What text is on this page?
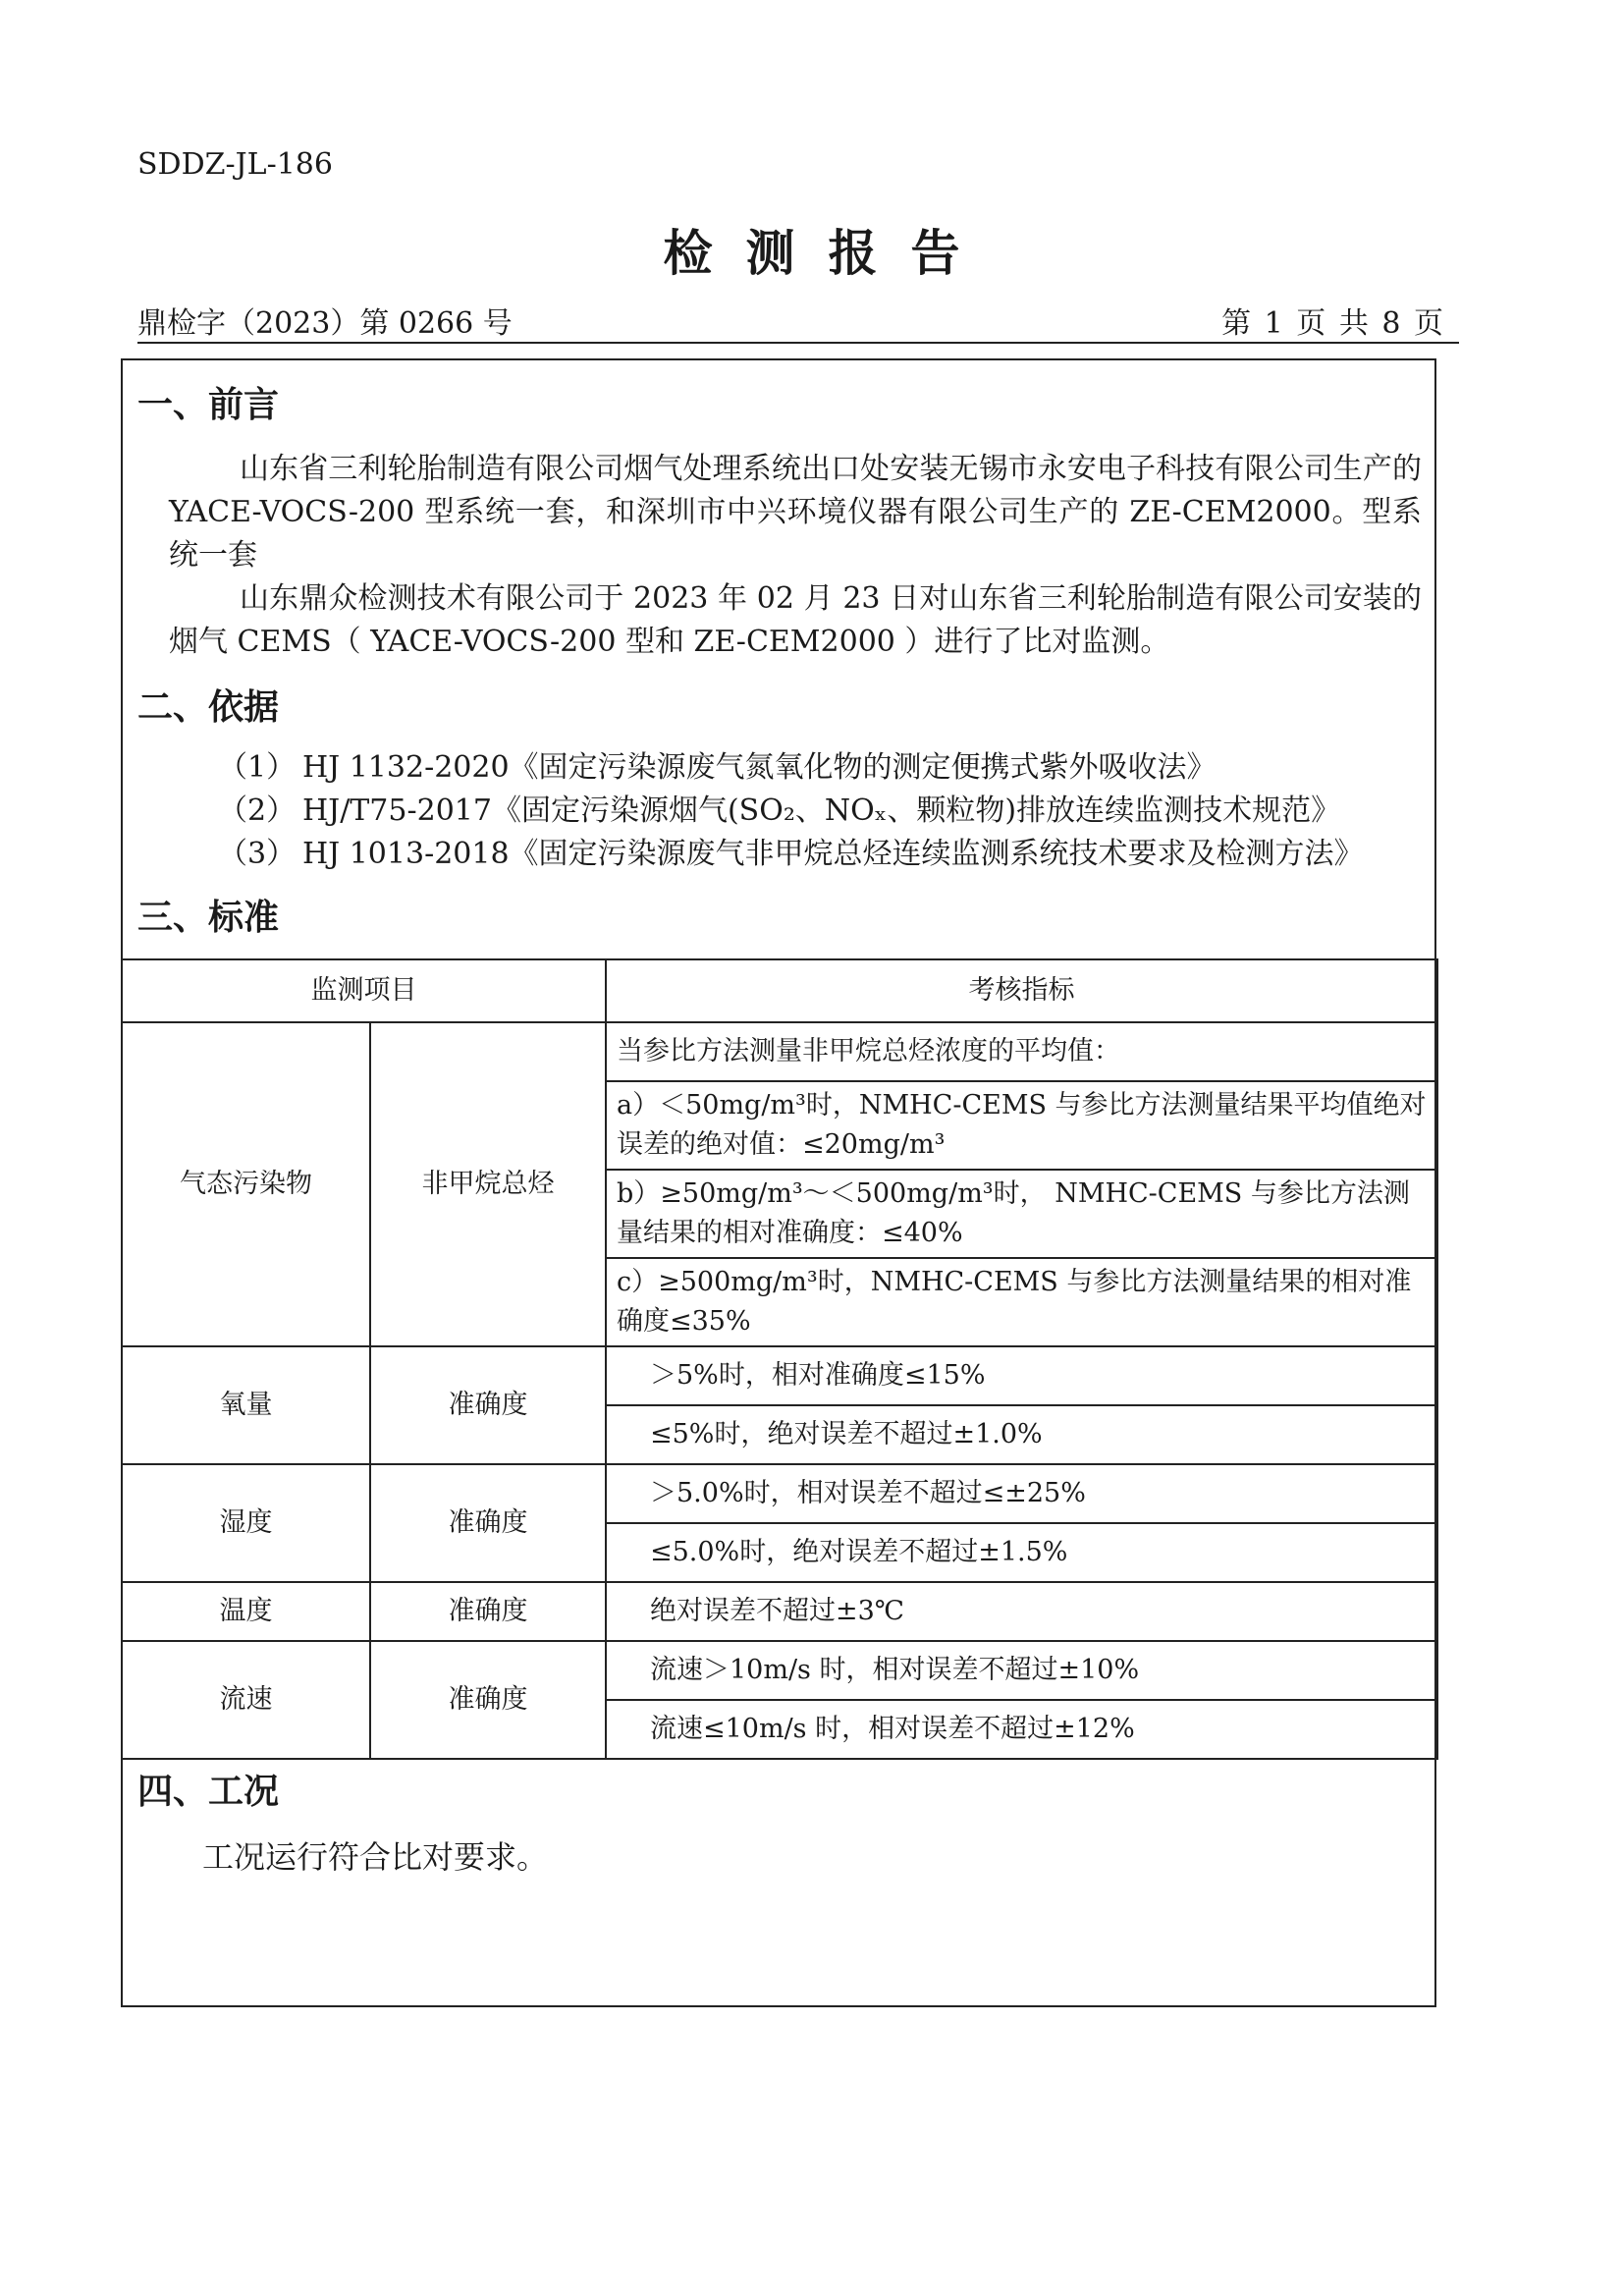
SDDZ-JL-186
检测报告
鼎检字（2023）第 0266 号	第 1 页 共 8 页
一、前言
山东省三利轮胎制造有限公司烟气处理系统出口处安装无锡市永安电子科技有限公司生产的 YACE-VOCS-200 型系统一套，和深圳市中兴环境仪器有限公司生产的 ZE-CEM2000。型系统一套
山东鼎众检测技术有限公司于 2023 年 02 月 23 日对山东省三利轮胎制造有限公司安装的烟气 CEMS（ YACE-VOCS-200 型和 ZE-CEM2000 ）进行了比对监测。
二、依据
（1） HJ 1132-2020《固定污染源废气氮氧化物的测定便携式紫外吸收法》
（2） HJ/T75-2017《固定污染源烟气(SO₂、NOₓ、颗粒物)排放连续监测技术规范》
（3） HJ 1013-2018《固定污染源废气非甲烷总烃连续监测系统技术要求及检测方法》
三、标准
监测项目		考核指标
气态污染物	非甲烷总烃	当参比方法测量非甲烷总烃浓度的平均值：
		a）＜50mg/m³时，NMHC-CEMS 与参比方法测量结果平均值绝对误差的绝对值：≤20mg/m³
		b）≥50mg/m³～＜500mg/m³时， NMHC-CEMS 与参比方法测量结果的相对准确度：≤40%
		c）≥500mg/m³时，NMHC-CEMS 与参比方法测量结果的相对准确度≤35%
氧量	准确度	＞5%时，相对准确度≤15%
		≤5%时，绝对误差不超过±1.0%
湿度	准确度	＞5.0%时，相对误差不超过≤±25%
		≤5.0%时，绝对误差不超过±1.5%
温度	准确度	绝对误差不超过±3℃
流速	准确度	流速＞10m/s 时，相对误差不超过±10%
		流速≤10m/s 时，相对误差不超过±12%
四、工况
工况运行符合比对要求。
